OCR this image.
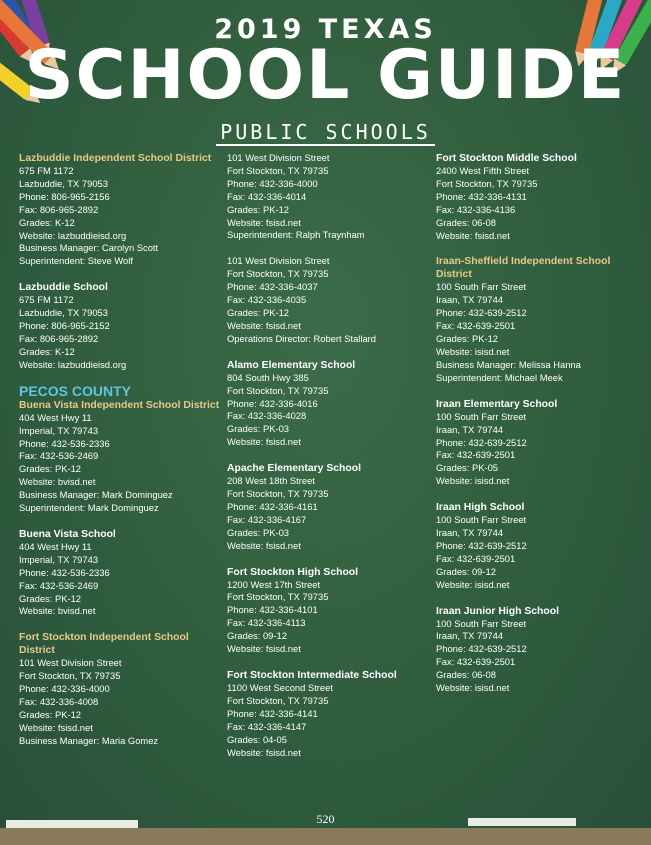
2019 TEXAS
SCHOOL GUIDE
PUBLIC SCHOOLS
Lazbuddie Independent School District
675 FM 1172
Lazbuddie, TX 79053
Phone: 806-965-2156
Fax: 806-965-2892
Grades: K-12
Website: lazbuddieisd.org
Business Manager: Carolyn Scott
Superintendent: Steve Wolf
Lazbuddie School
675 FM 1172
Lazbuddie, TX 79053
Phone: 806-965-2152
Fax: 806-965-2892
Grades: K-12
Website: lazbuddieisd.org
PECOS COUNTY
Buena Vista Independent School District
404 West Hwy 11
Imperial, TX 79743
Phone: 432-536-2336
Fax: 432-536-2469
Grades: PK-12
Website: bvisd.net
Business Manager: Mark Dominguez
Superintendent: Mark Dominguez
Buena Vista School
404 West Hwy 11
Imperial, TX 79743
Phone: 432-536-2336
Fax: 432-536-2469
Grades: PK-12
Website: bvisd.net
Fort Stockton Independent School District
101 West Division Street
Fort Stockton, TX 79735
Phone: 432-336-4000
Fax: 432-336-4008
Grades: PK-12
Website: fsisd.net
Business Manager: Maria Gomez
101 West Division Street
Fort Stockton, TX 79735
Phone: 432-336-4000
Fax: 432-336-4014
Grades: PK-12
Website: fsisd.net
Superintendent: Ralph Traynham
101 West Division Street
Fort Stockton, TX 79735
Phone: 432-336-4037
Fax: 432-336-4035
Grades: PK-12
Website: fsisd.net
Operations Director: Robert Stallard
Alamo Elementary School
804 South Hwy 385
Fort Stockton, TX 79735
Phone: 432-336-4016
Fax: 432-336-4028
Grades: PK-03
Website: fsisd.net
Apache Elementary School
208 West 18th Street
Fort Stockton, TX 79735
Phone: 432-336-4161
Fax: 432-336-4167
Grades: PK-03
Website: fsisd.net
Fort Stockton High School
1200 West 17th Street
Fort Stockton, TX 79735
Phone: 432-336-4101
Fax: 432-336-4113
Grades: 09-12
Website: fsisd.net
Fort Stockton Intermediate School
1100 West Second Street
Fort Stockton, TX 79735
Phone: 432-336-4141
Fax: 432-336-4147
Grades: 04-05
Website: fsisd.net
Fort Stockton Middle School
2400 West Fifth Street
Fort Stockton, TX 79735
Phone: 432-336-4131
Fax: 432-336-4136
Grades: 06-08
Website: fsisd.net
Iraan-Sheffield Independent School District
100 South Farr Street
Iraan, TX 79744
Phone: 432-639-2512
Fax: 432-639-2501
Grades: PK-12
Website: isisd.net
Business Manager: Melissa Hanna
Superintendent: Michael Meek
Iraan Elementary School
100 South Farr Street
Iraan, TX 79744
Phone: 432-639-2512
Fax: 432-639-2501
Grades: PK-05
Website: isisd.net
Iraan High School
100 South Farr Street
Iraan, TX 79744
Phone: 432-639-2512
Fax: 432-639-2501
Grades: 09-12
Website: isisd.net
Iraan Junior High School
100 South Farr Street
Iraan, TX 79744
Phone: 432-639-2512
Fax: 432-639-2501
Grades: 06-08
Website: isisd.net
520
